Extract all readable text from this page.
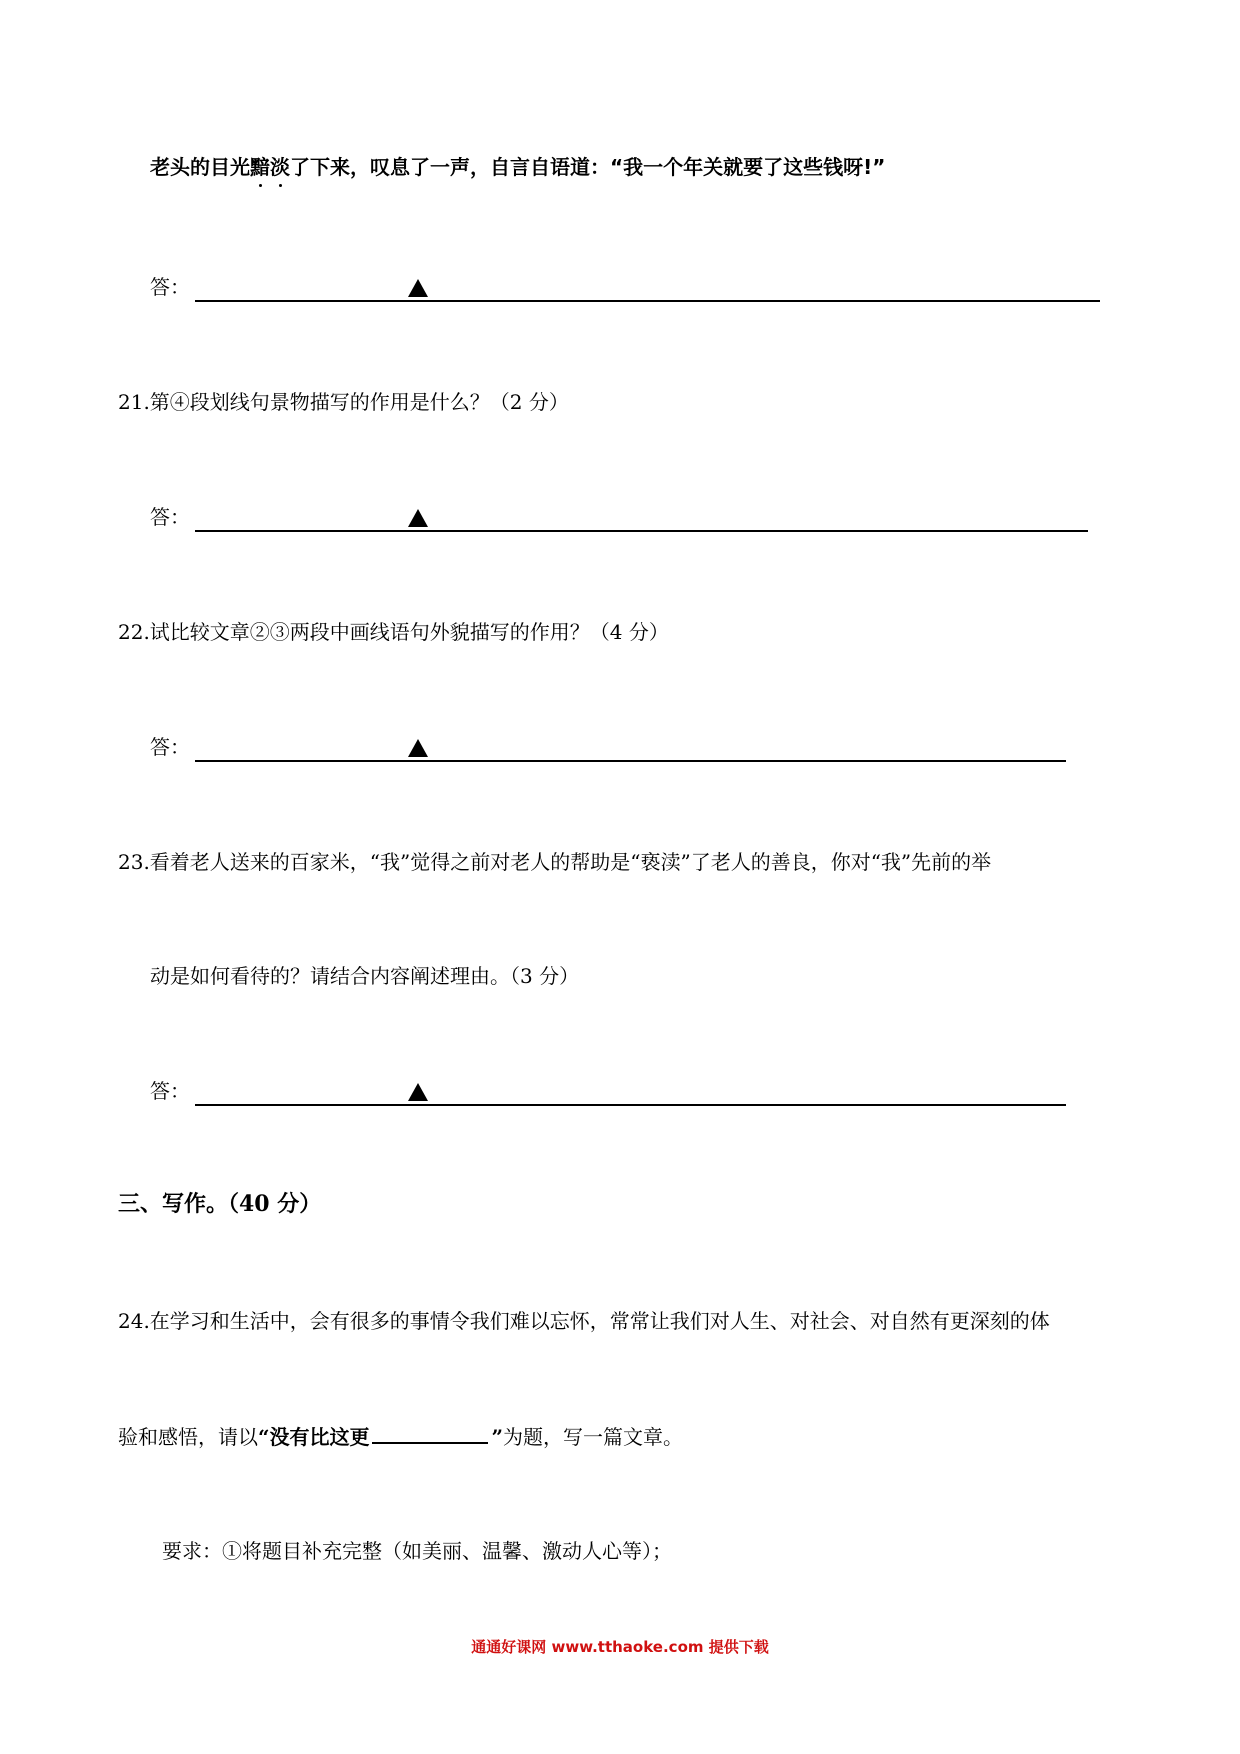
老头的目光黯淡了下来，叹息了一声，自言自语道：“我一个年关就要了这些钱呀!”
答：
21.第④段划线句景物描写的作用是什么？（2 分）
答：
22.试比较文章②③两段中画线语句外貌描写的作用？（4 分）
答：
23.看着老人送来的百家米，“我”觉得之前对老人的帮助是“亵渎”了老人的善良，你对“我”先前的举
动是如何看待的？请结合内容阐述理由。（3 分）
答：
三、写作。（40 分）
24.在学习和生活中，会有很多的事情令我们难以忘怀，常常让我们对人生、对社会、对自然有更深刻的体
验和感悟，请以“没有比这更	”为题，写一篇文章。
要求：①将题目补充完整（如美丽、温馨、激动人心等）；
通通好课网 www.tthaoke.com 提供下载
